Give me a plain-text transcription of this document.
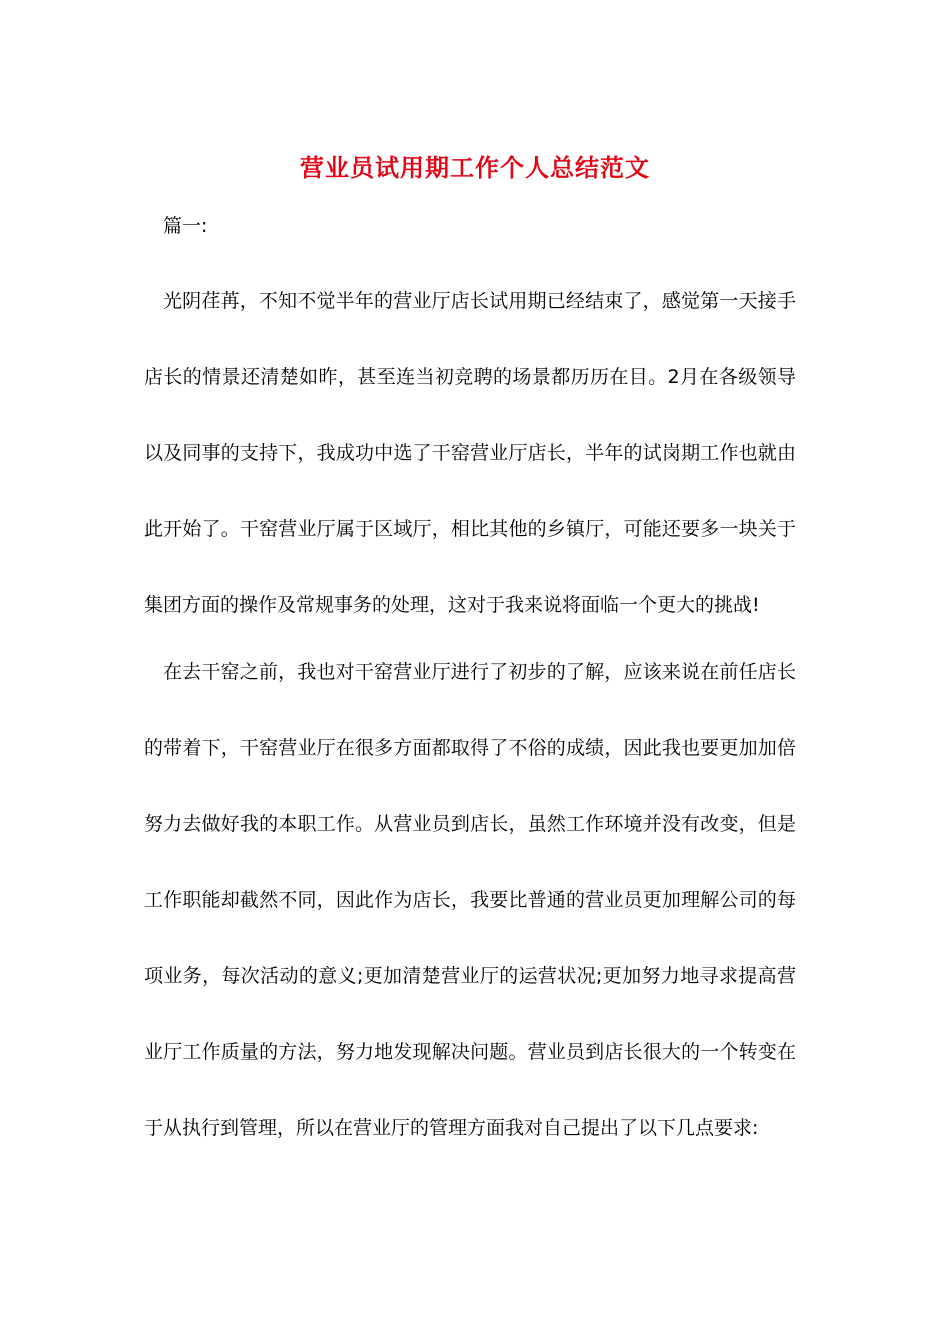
营业员试用期工作个人总结范文
篇一:
光阴荏苒，不知不觉半年的营业厅店长试用期已经结束了，感觉第一天接手
店长的情景还清楚如昨，甚至连当初竞聘的场景都历历在目。2月在各级领导
以及同事的支持下，我成功中选了干窑营业厅店长，半年的试岗期工作也就由
此开始了。干窑营业厅属于区域厅，相比其他的乡镇厅，可能还要多一块关于
集团方面的操作及常规事务的处理，这对于我来说将面临一个更大的挑战!
在去干窑之前，我也对干窑营业厅进行了初步的了解，应该来说在前任店长
的带着下，干窑营业厅在很多方面都取得了不俗的成绩，因此我也要更加加倍
努力去做好我的本职工作。从营业员到店长，虽然工作环境并没有改变，但是
工作职能却截然不同，因此作为店长，我要比普通的营业员更加理解公司的每
项业务，每次活动的意义;更加清楚营业厅的运营状况;更加努力地寻求提高营
业厅工作质量的方法，努力地发现解决问题。营业员到店长很大的一个转变在
于从执行到管理，所以在营业厅的管理方面我对自己提出了以下几点要求:
